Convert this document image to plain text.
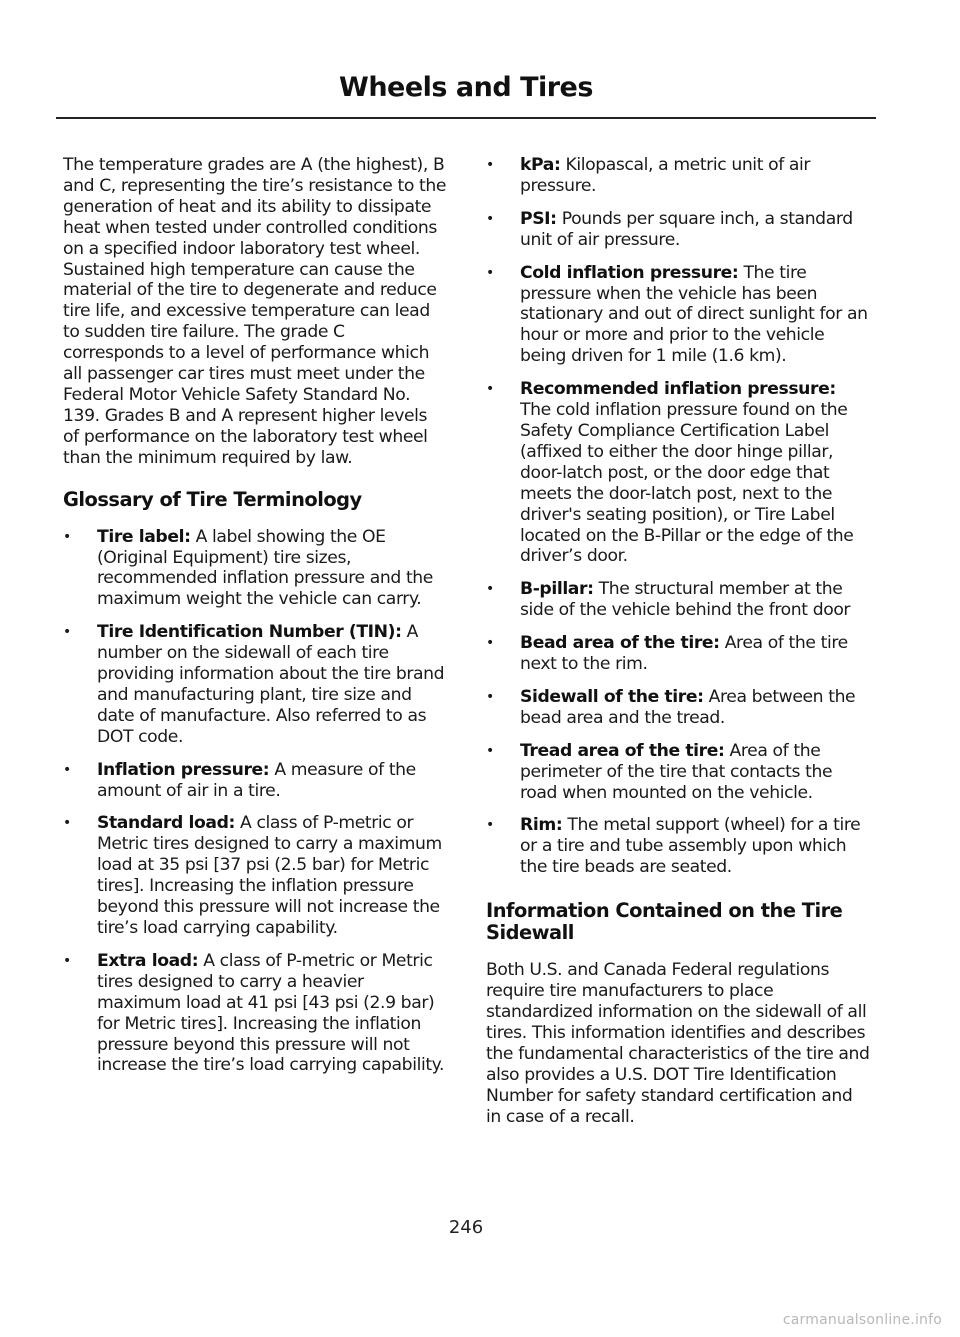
Wheels and Tires

The temperature grades are A (the highest), B and C, representing the tire’s resistance to the generation of heat and its ability to dissipate heat when tested under controlled conditions on a specified indoor laboratory test wheel. Sustained high temperature can cause the material of the tire to degenerate and reduce tire life, and excessive temperature can lead to sudden tire failure. The grade C corresponds to a level of performance which all passenger car tires must meet under the Federal Motor Vehicle Safety Standard No. 139. Grades B and A represent higher levels of performance on the laboratory test wheel than the minimum required by law.

Glossary of Tire Terminology
• Tire label: A label showing the OE (Original Equipment) tire sizes, recommended inflation pressure and the maximum weight the vehicle can carry.
• Tire Identification Number (TIN): A number on the sidewall of each tire providing information about the tire brand and manufacturing plant, tire size and date of manufacture. Also referred to as DOT code.
• Inflation pressure: A measure of the amount of air in a tire.
• Standard load: A class of P-metric or Metric tires designed to carry a maximum load at 35 psi [37 psi (2.5 bar) for Metric tires]. Increasing the inflation pressure beyond this pressure will not increase the tire’s load carrying capability.
• Extra load: A class of P-metric or Metric tires designed to carry a heavier maximum load at 41 psi [43 psi (2.9 bar) for Metric tires]. Increasing the inflation pressure beyond this pressure will not increase the tire’s load carrying capability.
• kPa: Kilopascal, a metric unit of air pressure.
• PSI: Pounds per square inch, a standard unit of air pressure.
• Cold inflation pressure: The tire pressure when the vehicle has been stationary and out of direct sunlight for an hour or more and prior to the vehicle being driven for 1 mile (1.6 km).
• Recommended inflation pressure: The cold inflation pressure found on the Safety Compliance Certification Label (affixed to either the door hinge pillar, door-latch post, or the door edge that meets the door-latch post, next to the driver's seating position), or Tire Label located on the B-Pillar or the edge of the driver’s door.
• B-pillar: The structural member at the side of the vehicle behind the front door
• Bead area of the tire: Area of the tire next to the rim.
• Sidewall of the tire: Area between the bead area and the tread.
• Tread area of the tire: Area of the perimeter of the tire that contacts the road when mounted on the vehicle.
• Rim: The metal support (wheel) for a tire or a tire and tube assembly upon which the tire beads are seated.
Information Contained on the Tire Sidewall

Both U.S. and Canada Federal regulations require tire manufacturers to place standardized information on the sidewall of all tires. This information identifies and describes the fundamental characteristics of the tire and also provides a U.S. DOT Tire Identification Number for safety standard certification and in case of a recall.

246
carmanualsonline.info
